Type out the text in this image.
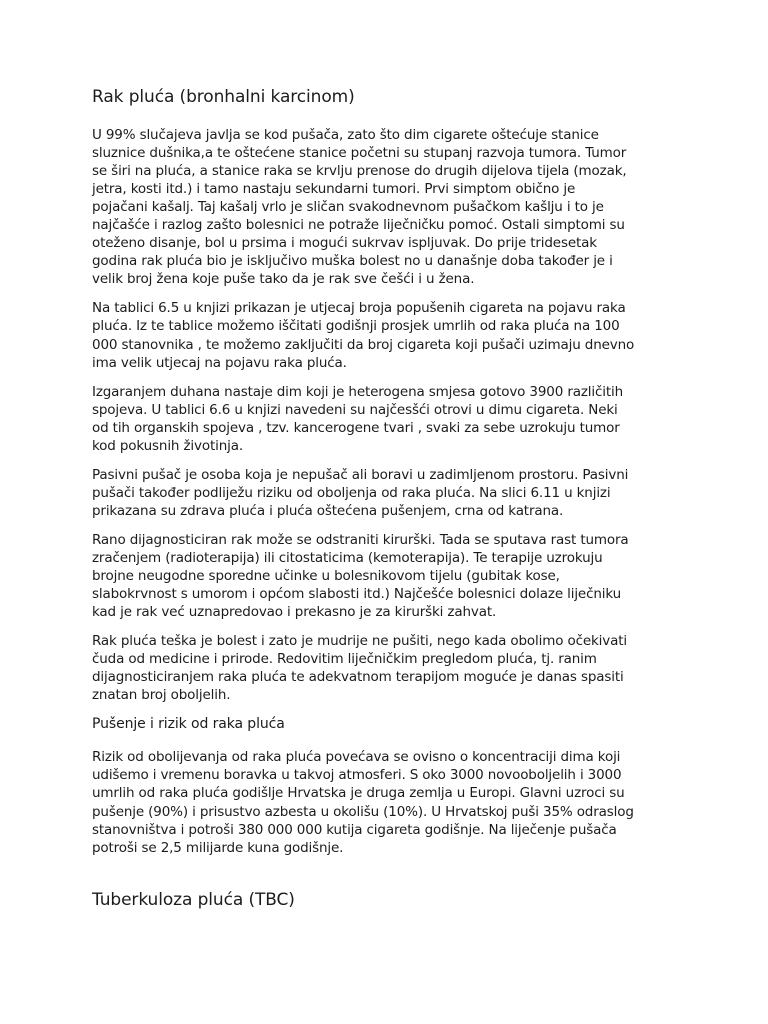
Rak pluća (bronhalni karcinom)

U 99% slučajeva javlja se kod pušača, zato što dim cigarete oštećuje stanice
sluznice dušnika,a te oštećene stanice početni su stupanj razvoja tumora. Tumor
se širi na pluća, a stanice raka se krvlju prenose do drugih dijelova tijela (mozak,
jetra, kosti itd.) i tamo nastaju sekundarni tumori. Prvi simptom obično je
pojačani kašalj. Taj kašalj vrlo je sličan svakodnevnom pušačkom kašlju i to je
najčašće i razlog zašto bolesnici ne potraže liječničku pomoć. Ostali simptomi su
oteženo disanje, bol u prsima i mogući sukrvav ispljuvak. Do prije tridesetak
godina rak pluća bio je isključivo muška bolest no u današnje doba također je i
velik broj žena koje puše tako da je rak sve češći i u žena.

Na tablici 6.5 u knjizi prikazan je utjecaj broja popušenih cigareta na pojavu raka
pluća. Iz te tablice možemo iščitati godišnji prosjek umrlih od raka pluća na 100
000 stanovnika , te možemo zaključiti da broj cigareta koji pušači uzimaju dnevno
ima velik utjecaj na pojavu raka pluća.

Izgaranjem duhana nastaje dim koji je heterogena smjesa gotovo 3900 različitih
spojeva. U tablici 6.6 u knjizi navedeni su najčesšći otrovi u dimu cigareta. Neki
od tih organskih spojeva , tzv. kancerogene tvari , svaki za sebe uzrokuju tumor
kod pokusnih životinja.

Pasivni pušač je osoba koja je nepušač ali boravi u zadimljenom prostoru. Pasivni
pušači također podliježu riziku od oboljenja od raka pluća. Na slici 6.11 u knjizi
prikazana su zdrava pluća i pluća oštećena pušenjem, crna od katrana.

Rano dijagnosticiran rak može se odstraniti kirurški. Tada se sputava rast tumora
zračenjem (radioterapija) ili citostaticima (kemoterapija). Te terapije uzrokuju
brojne neugodne sporedne učinke u bolesnikovom tijelu (gubitak kose,
slabokrvnost s umorom i općom slabosti itd.) Najčešće bolesnici dolaze liječniku
kad je rak već uznapredovao i prekasno je za kirurški zahvat.

Rak pluća teška je bolest i zato je mudrije ne pušiti, nego kada obolimo očekivati
čuda od medicine i prirode. Redovitim liječničkim pregledom pluća, tj. ranim
dijagnosticiranjem raka pluća te adekvatnom terapijom moguće je danas spasiti
znatan broj oboljelih.

Pušenje i rizik od raka pluća

Rizik od obolijevanja od raka pluća povećava se ovisno o koncentraciji dima koji
udišemo i vremenu boravka u takvoj atmosferi. S oko 3000 novooboljelih i 3000
umrlih od raka pluća godišlje Hrvatska je druga zemlja u Europi. Glavni uzroci su
pušenje (90%) i prisustvo azbesta u okolišu (10%). U Hrvatskoj puši 35% odraslog
stanovništva i potroši 380 000 000 kutija cigareta godišnje. Na liječenje pušača
potroši se 2,5 milijarde kuna godišnje.

Tuberkuloza pluća (TBC)
